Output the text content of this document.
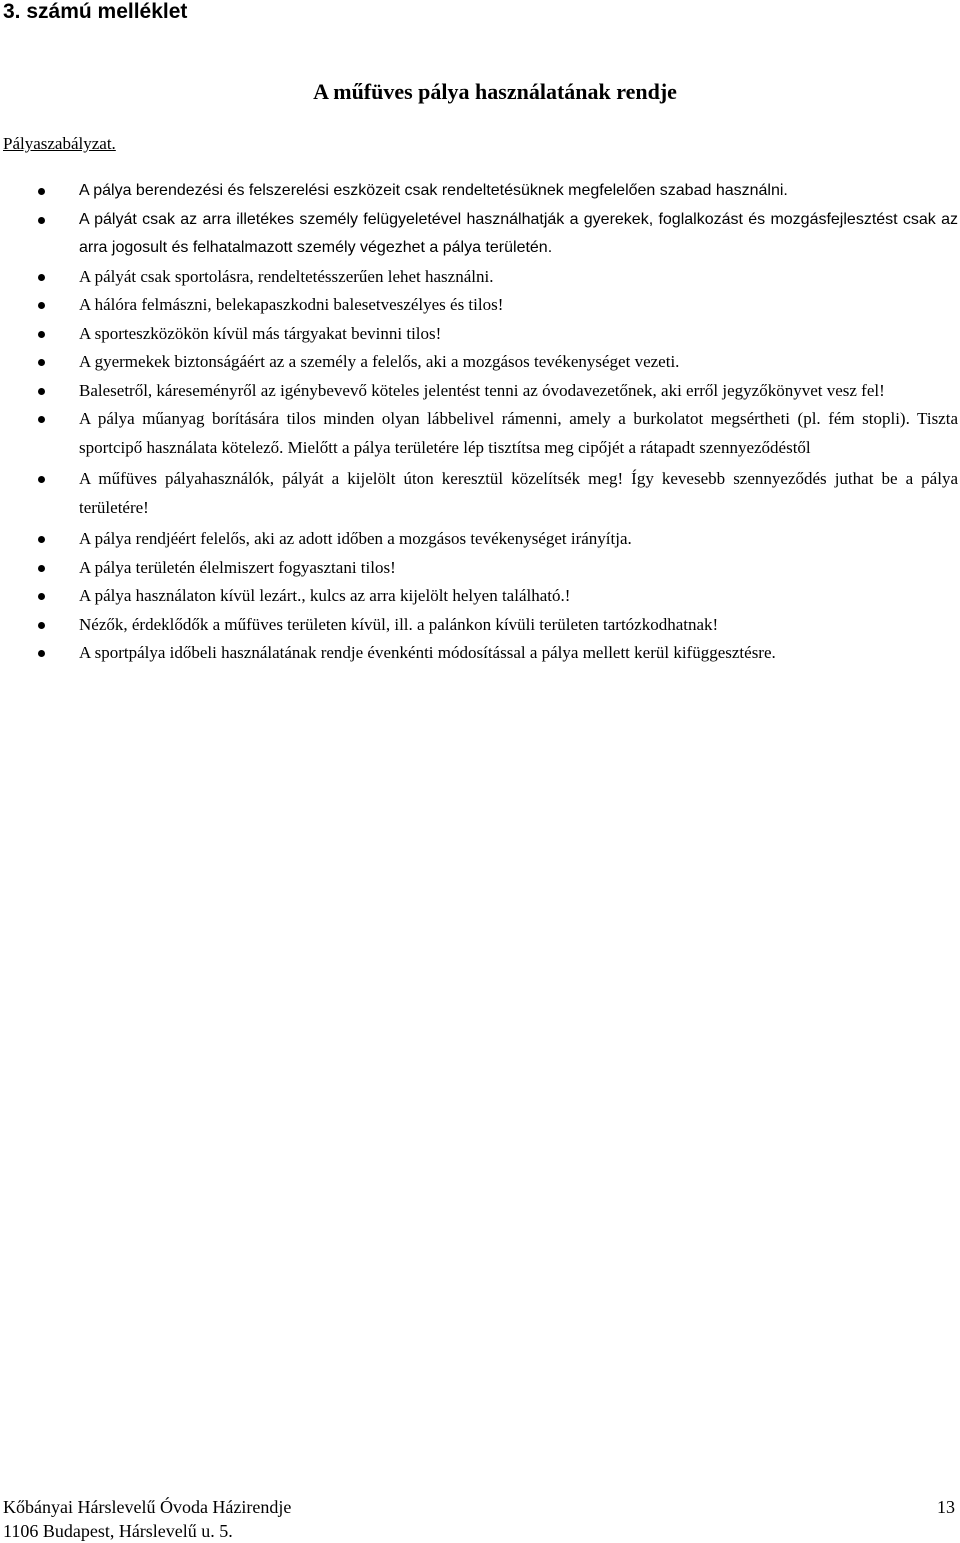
3. számú melléklet
A műfüves pálya használatának rendje
Pályaszabályzat.
A pálya berendezési és felszerelési eszközeit csak rendeltetésüknek megfelelően szabad használni.
A pályát csak az arra illetékes személy felügyeletével használhatják a gyerekek, foglalkozást és mozgásfejlesztést csak az arra jogosult és felhatalmazott személy végezhet a pálya területén.
A pályát csak sportolásra, rendeltetésszerűen lehet használni.
A hálóra felmászni, belekapaszkodni balesetveszélyes és tilos!
A sporteszközökön kívül más tárgyakat bevinni tilos!
A gyermekek biztonságáért az a személy a felelős, aki a mozgásos tevékenységet vezeti.
Balesetről, káreseményről az igénybevevő köteles jelentést tenni az óvodavezetőnek, aki erről jegyzőkönyvet vesz fel!
A pálya műanyag borítására tilos minden olyan lábbelivel rámenni, amely a burkolatot megsértheti (pl. fém stopli). Tiszta sportcipő használata kötelező. Mielőtt a pálya területére lép tisztítsa meg cipőjét a rátapadt szennyeződéstől
A műfüves pályahasználók, pályát a kijelölt úton keresztül közelítsék meg! Így kevesebb szennyeződés juthat be a pálya területére!
A pálya rendjéért felelős, aki az adott időben a mozgásos tevékenységet irányítja.
A pálya területén élelmiszert fogyasztani tilos!
A pálya használaton kívül lezárt., kulcs az arra kijelölt helyen található.!
Nézők, érdeklődők a műfüves területen kívül, ill. a palánkon kívüli területen tartózkodhatnak!
A sportpálya időbeli használatának rendje évenkénti módosítással a pálya mellett kerül kifüggesztésre.
Kőbányai Hárslevelű Óvoda Házirendje
1106 Budapest, Hárslevelű u. 5.
13
